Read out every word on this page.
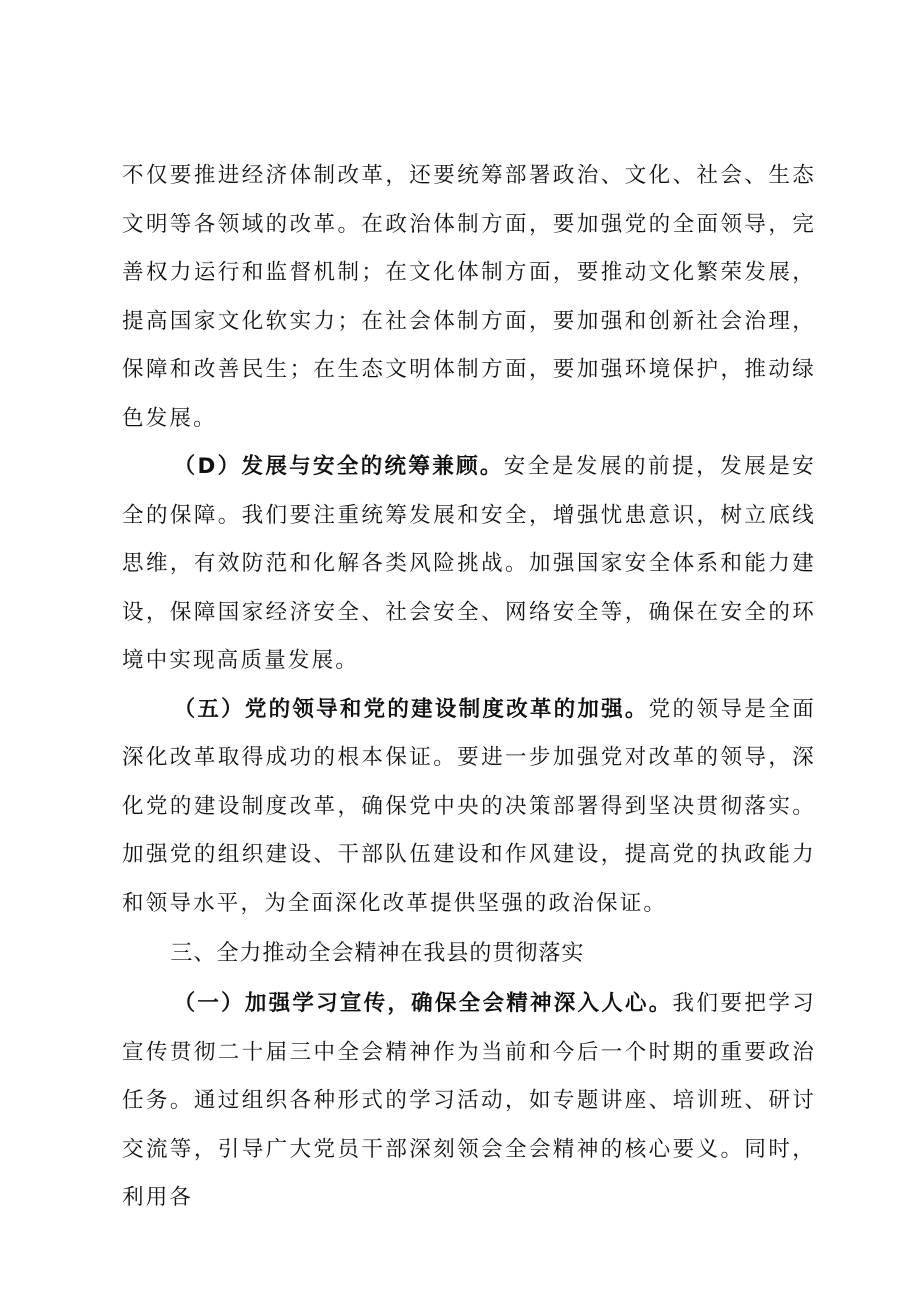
不仅要推进经济体制改革，还要统筹部署政治、文化、社会、生态文明等各领域的改革。在政治体制方面，要加强党的全面领导，完善权力运行和监督机制；在文化体制方面，要推动文化繁荣发展，提高国家文化软实力；在社会体制方面，要加强和创新社会治理，保障和改善民生；在生态文明体制方面，要加强环境保护，推动绿色发展。

（D）发展与安全的统筹兼顾。安全是发展的前提，发展是安全的保障。我们要注重统筹发展和安全，增强忧患意识，树立底线思维，有效防范和化解各类风险挑战。加强国家安全体系和能力建设，保障国家经济安全、社会安全、网络安全等，确保在安全的环境中实现高质量发展。

（五）党的领导和党的建设制度改革的加强。党的领导是全面深化改革取得成功的根本保证。要进一步加强党对改革的领导，深化党的建设制度改革，确保党中央的决策部署得到坚决贯彻落实。加强党的组织建设、干部队伍建设和作风建设，提高党的执政能力和领导水平，为全面深化改革提供坚强的政治保证。

三、全力推动全会精神在我县的贯彻落实

（一）加强学习宣传，确保全会精神深入人心。我们要把学习宣传贯彻二十届三中全会精神作为当前和今后一个时期的重要政治任务。通过组织各种形式的学习活动，如专题讲座、培训班、研讨交流等，引导广大党员干部深刻领会全会精神的核心要义。同时，利用各
